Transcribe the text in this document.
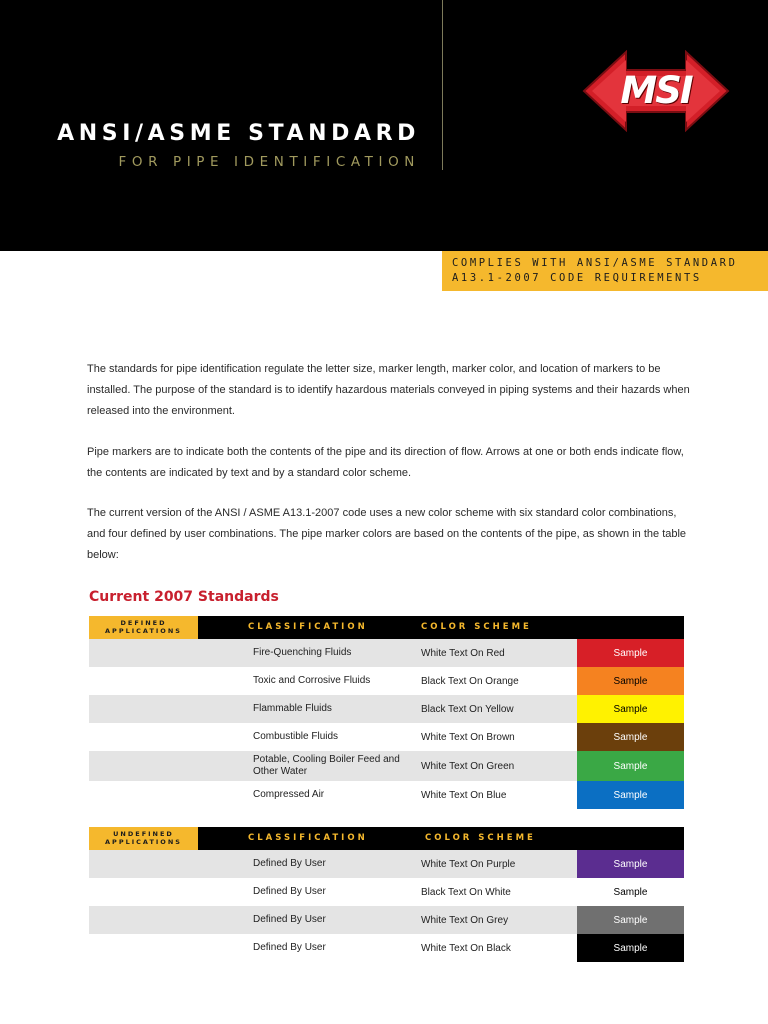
ANSI/ASME STANDARD
FOR PIPE IDENTIFICATION
MSI
COMPLIES WITH ANSI/ASME STANDARD
A13.1-2007 CODE REQUIREMENTS

The standards for pipe identification regulate the letter size, marker length, marker color, and location of markers to be installed. The purpose of the standard is to identify hazardous materials conveyed in piping systems and their hazards when released into the environment.

Pipe markers are to indicate both the contents of the pipe and its direction of flow. Arrows at one or both ends indicate flow, the contents are indicated by text and by a standard color scheme.

The current version of the ANSI / ASME A13.1-2007 code uses a new color scheme with six standard color combinations, and four defined by user combinations. The pipe marker colors are based on the contents of the pipe, as shown in the table below:

Current 2007 Standards
DEFINED
APPLICATIONS	CLASSIFICATION	COLOR SCHEME
Fire-Quenching Fluids	White Text On Red	Sample
Toxic and Corrosive Fluids	Black Text On Orange	Sample
Flammable Fluids	Black Text On Yellow	Sample
Combustible Fluids	White Text On Brown	Sample
Potable, Cooling Boiler Feed and Other Water	White Text On Green	Sample
Compressed Air	White Text On Blue	Sample
UNDEFINED
APPLICATIONS	CLASSIFICATION	COLOR SCHEME
Defined By User	White Text On Purple	Sample
Defined By User	Black Text On White	Sample
Defined By User	White Text On Grey	Sample
Defined By User	White Text On Black	Sample
